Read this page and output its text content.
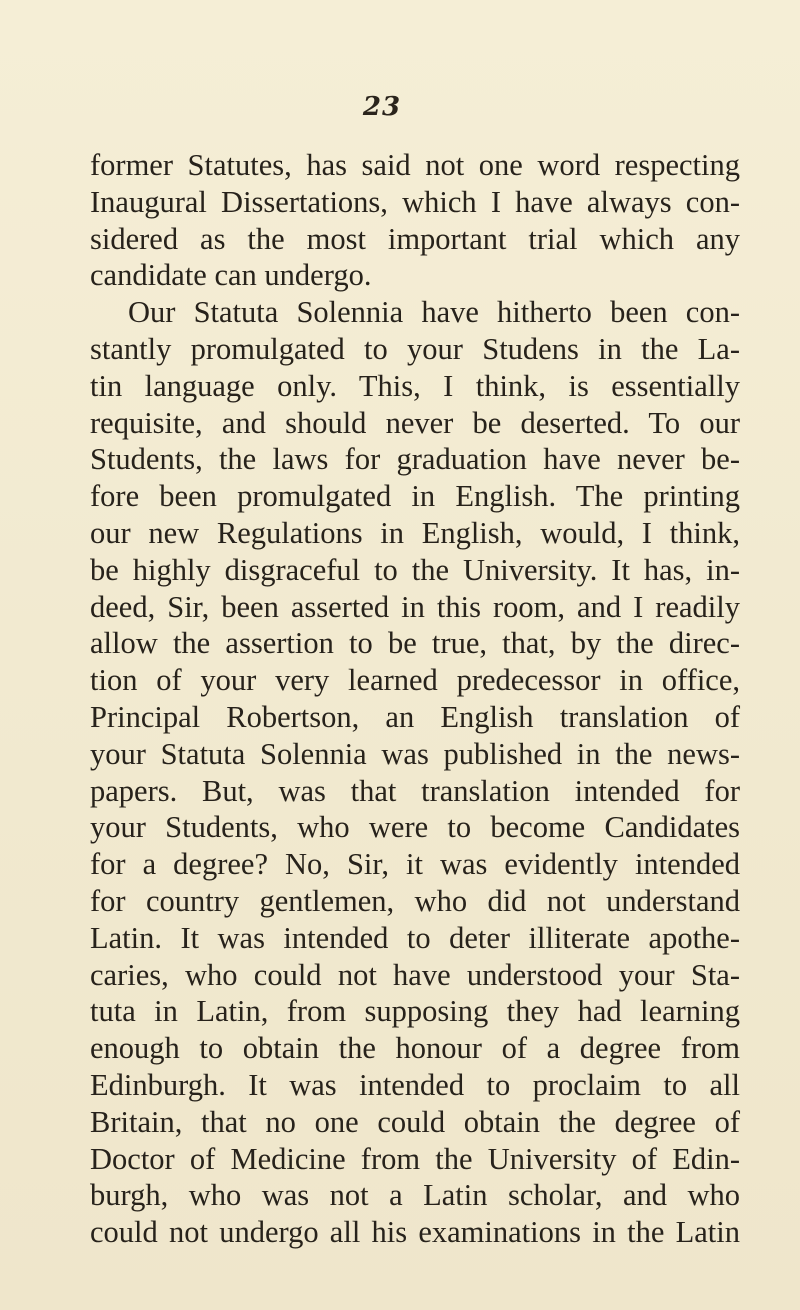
23
former Statutes, has said not one word respecting
Inaugural Dissertations, which I have always con-
sidered as the most important trial which any
candidate can undergo.
Our Statuta Solennia have hitherto been con-
stantly promulgated to your Studens in the La-
tin language only. This, I think, is essentially
requisite, and should never be deserted. To our
Students, the laws for graduation have never be-
fore been promulgated in English. The printing
our new Regulations in English, would, I think,
be highly disgraceful to the University. It has, in-
deed, Sir, been asserted in this room, and I readily
allow the assertion to be true, that, by the direc-
tion of your very learned predecessor in office,
Principal Robertson, an English translation of
your Statuta Solennia was published in the news-
papers. But, was that translation intended for
your Students, who were to become Candidates
for a degree? No, Sir, it was evidently intended
for country gentlemen, who did not understand
Latin. It was intended to deter illiterate apothe-
caries, who could not have understood your Sta-
tuta in Latin, from supposing they had learning
enough to obtain the honour of a degree from
Edinburgh. It was intended to proclaim to all
Britain, that no one could obtain the degree of
Doctor of Medicine from the University of Edin-
burgh, who was not a Latin scholar, and who
could not undergo all his examinations in the Latin
